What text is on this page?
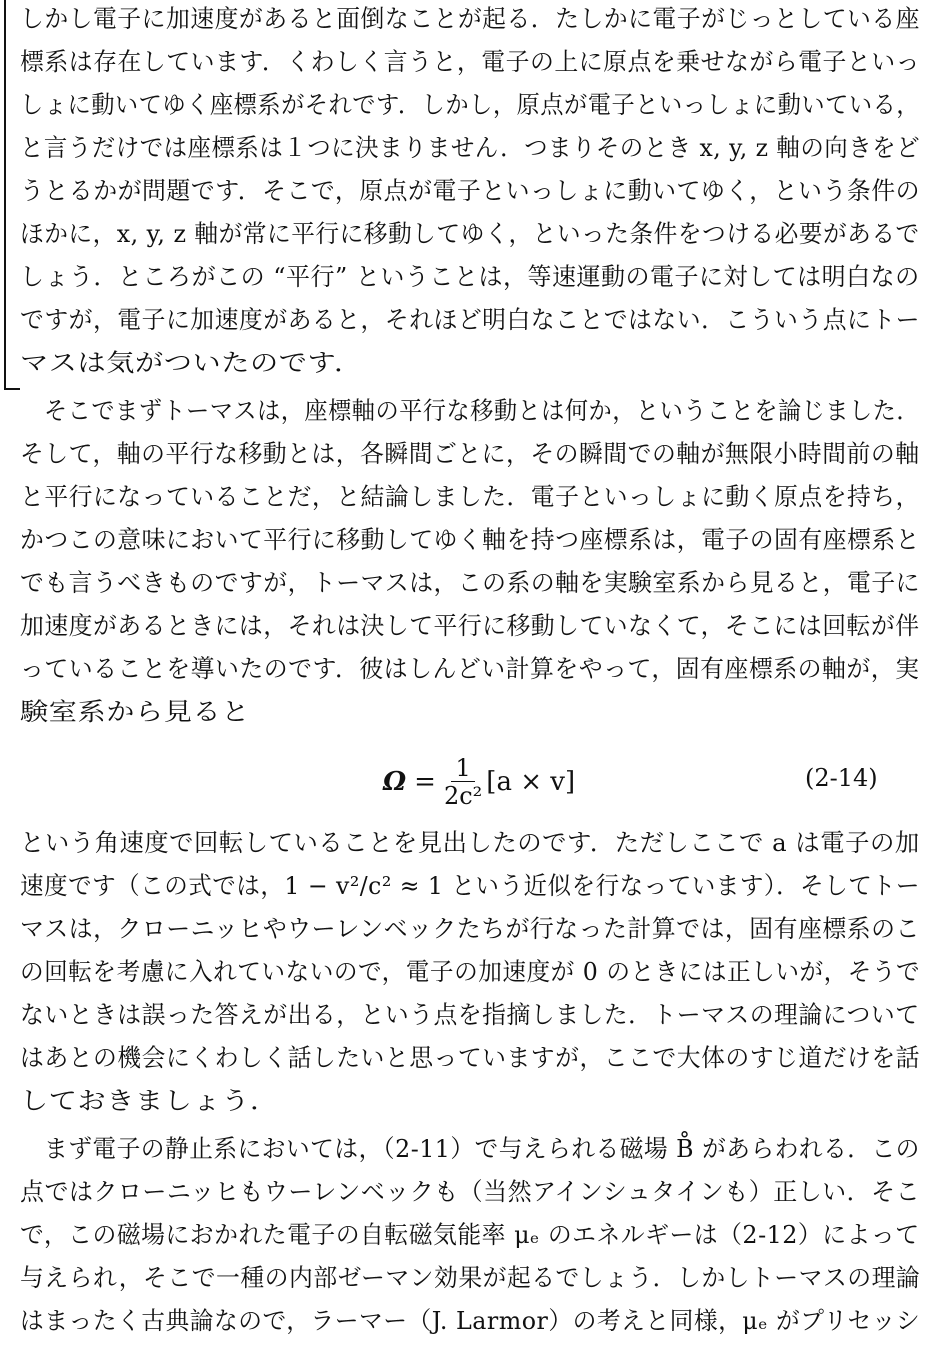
しかし電子に加速度があると面倒なことが起る．たしかに電子がじっとしている座
標系は存在しています．くわしく言うと，電子の上に原点を乗せながら電子といっ
しょに動いてゆく座標系がそれです．しかし，原点が電子といっしょに動いている，
と言うだけでは座標系は１つに決まりません．つまりそのとき x, y, z 軸の向きをど
うとるかが問題です．そこで，原点が電子といっしょに動いてゆく，という条件の
ほかに，x, y, z 軸が常に平行に移動してゆく，といった条件をつける必要があるで
しょう．ところがこの “平行” ということは，等速運動の電子に対しては明白なの
ですが，電子に加速度があると，それほど明白なことではない．こういう点にトー
マスは気がついたのです．
そこでまずトーマスは，座標軸の平行な移動とは何か，ということを論じました．
そして，軸の平行な移動とは，各瞬間ごとに，その瞬間での軸が無限小時間前の軸
と平行になっていることだ，と結論しました．電子といっしょに動く原点を持ち，
かつこの意味において平行に移動してゆく軸を持つ座標系は，電子の固有座標系と
でも言うべきものですが，トーマスは，この系の軸を実験室系から見ると，電子に
加速度があるときには，それは決して平行に移動していなくて，そこには回転が伴
っていることを導いたのです．彼はしんどい計算をやって，固有座標系の軸が，実
験室系から見ると
$\Omega = \frac{1}{\text{2c²}} [a \times v]$	(2-14)
という角速度で回転していることを見出したのです．ただしここで a は電子の加
速度です（この式では，1 − v²/c² ≈ 1 という近似を行なっています）．そしてトー
マスは，クローニッヒやウーレンベックたちが行なった計算では，固有座標系のこ
の回転を考慮に入れていないので，電子の加速度が 0 のときには正しいが，そうで
ないときは誤った答えが出る，という点を指摘しました．トーマスの理論について
はあとの機会にくわしく話したいと思っていますが，ここで大体のすじ道だけを話
しておきましょう．
まず電子の静止系においては，（2-11）で与えられる磁場 B̊ があらわれる．この
点ではクローニッヒもウーレンベックも（当然アインシュタインも）正しい．そこ
で，この磁場におかれた電子の自転磁気能率 μₑ のエネルギーは（2-12）によって
与えられ，そこで一種の内部ゼーマン効果が起るでしょう．しかしトーマスの理論
はまったく古典論なので，ラーマー（J. Larmor）の考えと同様，μₑ がプリセッシ
